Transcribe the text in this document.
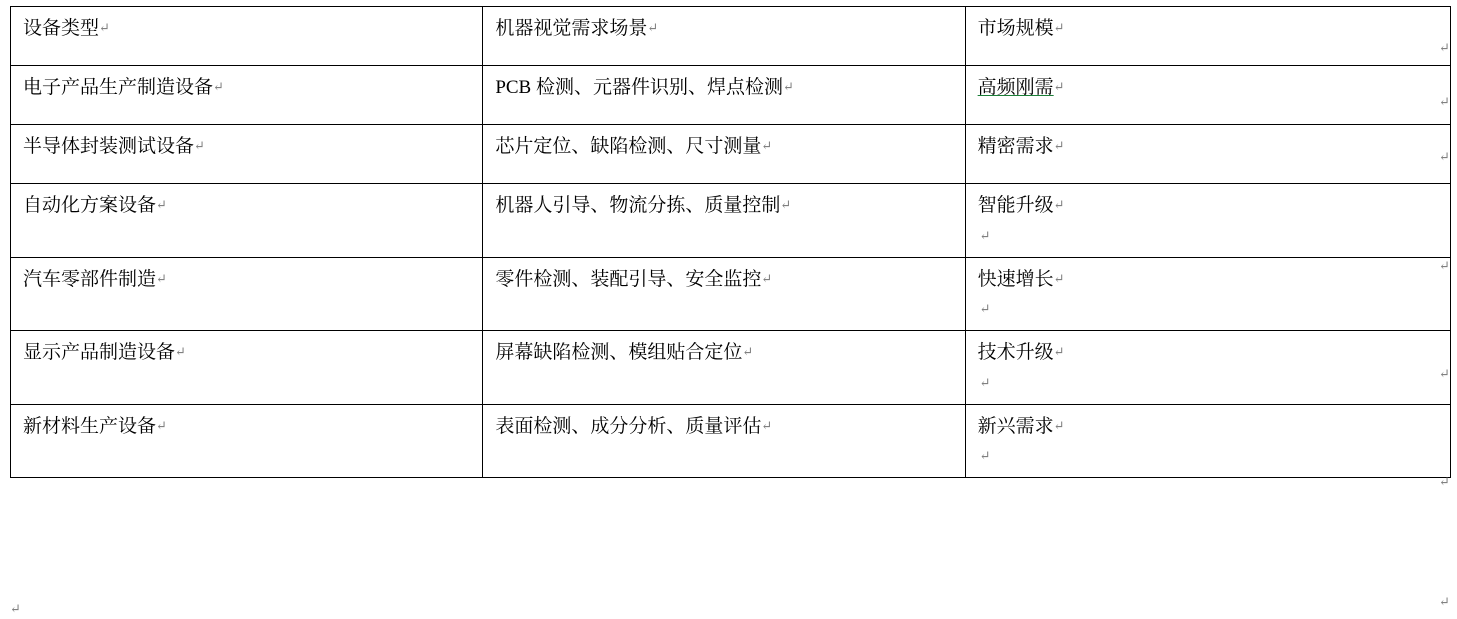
设备类型↵	机器视觉需求场景↵	市场规模↵
电子产品生产制造设备↵	PCB 检测、元器件识别、焊点检测↵	高频刚需↵
半导体封装测试设备↵	芯片定位、缺陷检测、尺寸测量↵	精密需求↵
自动化方案设备↵	机器人引导、物流分拣、质量控制↵	智能升级↵
↵

汽车零部件制造↵	零件检测、装配引导、安全监控↵	快速增长↵
↵

显示产品制造设备↵	屏幕缺陷检测、模组贴合定位↵	技术升级↵
↵

新材料生产设备↵	表面检测、成分分析、质量评估↵	新兴需求↵
↵
↵
↵
↵
↵
↵
↵
↵
↵
